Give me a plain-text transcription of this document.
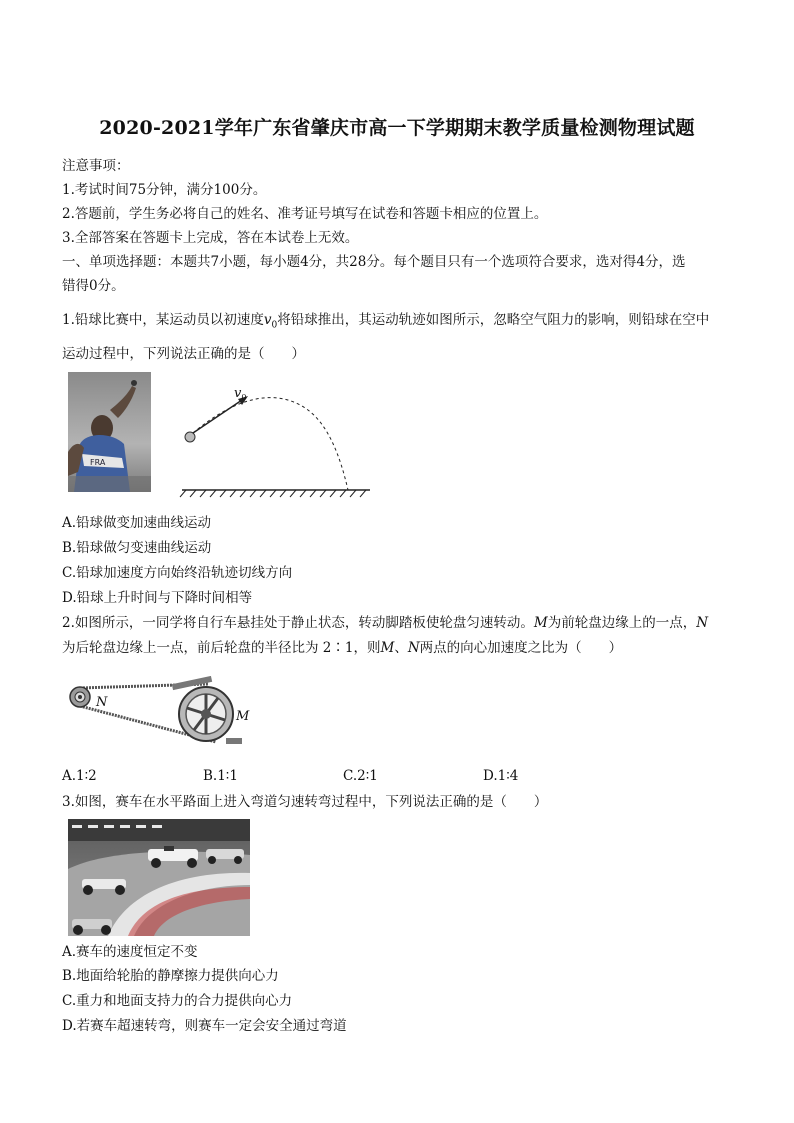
2020-2021学年广东省肇庆市高一下学期期末教学质量检测物理试题
注意事项：
1.考试时间75分钟，满分100分。
2.答题前，学生务必将自己的姓名、准考证号填写在试卷和答题卡相应的位置上。
3.全部答案在答题卡上完成，答在本试卷上无效。
一、单项选择题：本题共7小题，每小题4分，共28分。每个题目只有一个选项符合要求，选对得4分，选
错得0分。
1.铅球比赛中，某运动员以初速度$v_0$将铅球推出，其运动轨迹如图所示，忽略空气阻力的影响，则铅球在空中
运动过程中，下列说法正确的是（　　）
FRA
$v_0$
A.铅球做变加速曲线运动
B.铅球做匀变速曲线运动
C.铅球加速度方向始终沿轨迹切线方向
D.铅球上升时间与下降时间相等
2.如图所示，一同学将自行车悬挂处于静止状态，转动脚踏板使轮盘匀速转动。M为前轮盘边缘上的一点，N
为后轮盘边缘上一点，前后轮盘的半径比为 2∶1，则M、N两点的向心加速度之比为（　　）
N
M
A.1∶2	B.1∶1	C.2∶1	D.1∶4
3.如图，赛车在水平路面上进入弯道匀速转弯过程中，下列说法正确的是（　　）
A.赛车的速度恒定不变
B.地面给轮胎的静摩擦力提供向心力
C.重力和地面支持力的合力提供向心力
D.若赛车超速转弯，则赛车一定会安全通过弯道
